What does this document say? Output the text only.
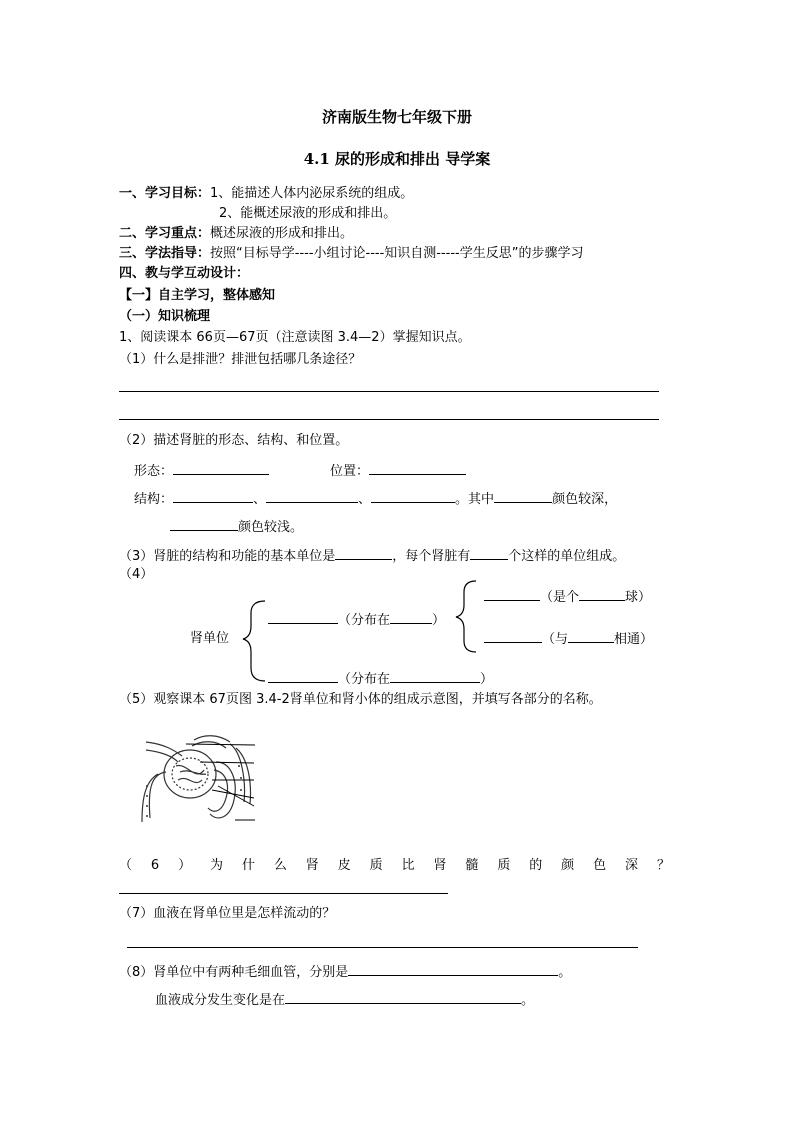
济南版生物七年级下册
4.1 尿的形成和排出 导学案
一、学习目标：1、能描述人体内泌尿系统的组成。
2、能概述尿液的形成和排出。
二、学习重点：概述尿液的形成和排出。
三、学法指导：按照“目标导学----小组讨论----知识自测-----学生反思”的步骤学习
四、教与学互动设计：
【一】自主学习，整体感知
（一）知识梳理
1、阅读课本 66页—67页（注意读图 3.4—2）掌握知识点。
（1）什么是排泄？排泄包括哪几条途径？
（2）描述肾脏的形态、结构、和位置。
形态：	位置：
结构：	、	、	。其中	颜色较深，
颜色较浅。
（3）肾脏的结构和功能的基本单位是	，每个肾脏有	个这样的单位组成。
（4）
肾单位
（分布在	）
（分布在	）
（是个	球）
（与	相通）
（5）观察课本 67页图 3.4-2肾单位和肾小体的组成示意图，并填写各部分的名称。
（ 6 ） 为 什 么 肾 皮 质 比 肾 髓 质 的 颜 色 深 ？
（7）血液在肾单位里是怎样流动的？
（8）肾单位中有两种毛细血管，分别是	。
血液成分发生变化是在	。
